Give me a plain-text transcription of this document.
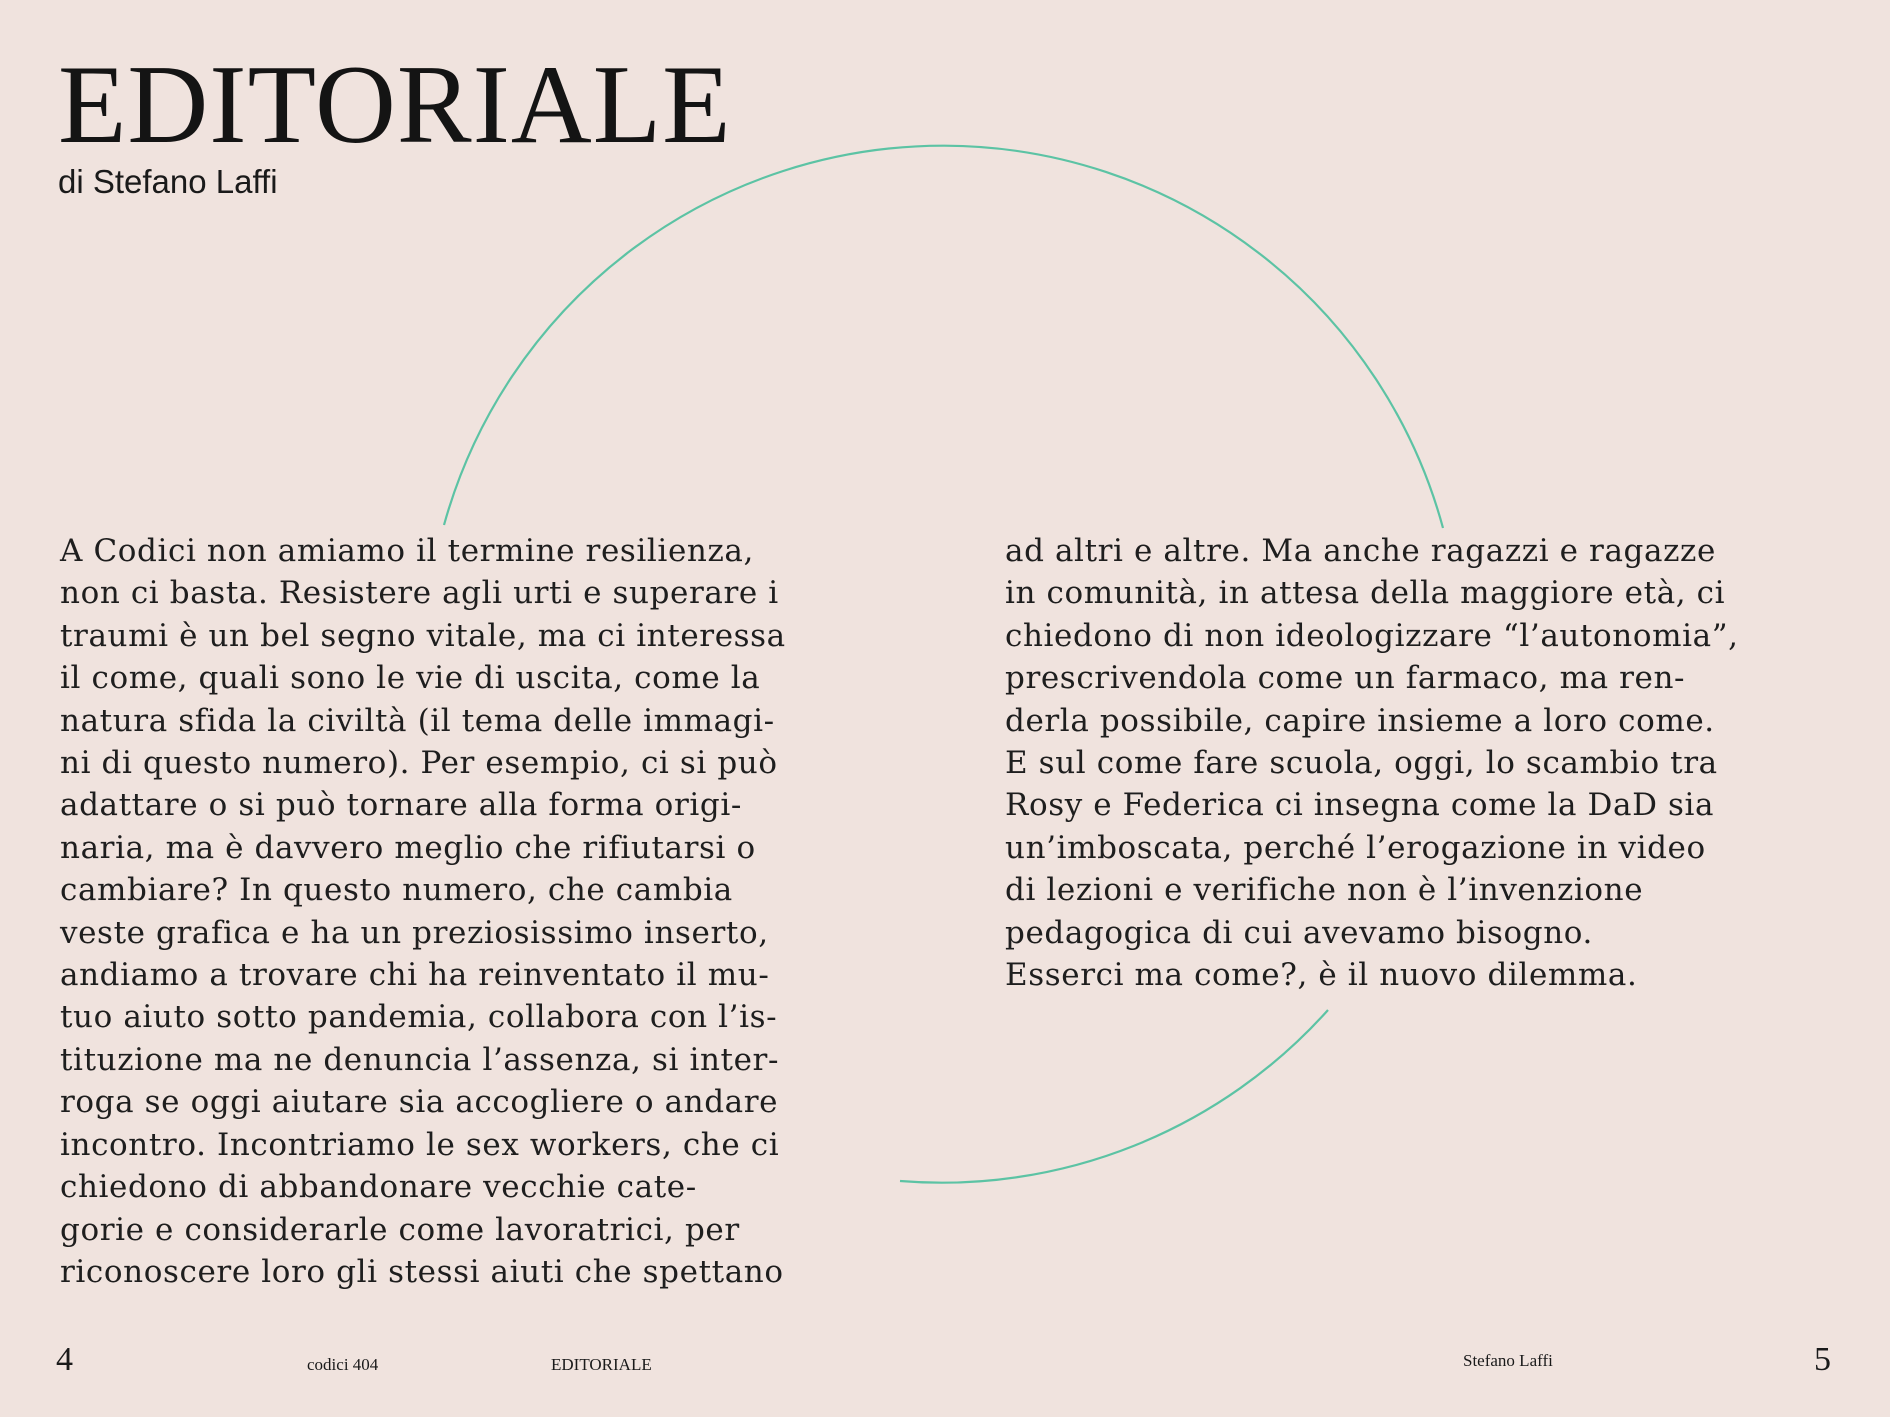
EDITORIALE
di Stefano Laffi
A Codici non amiamo il termine resilienza,
non ci basta. Resistere agli urti e superare i
traumi è un bel segno vitale, ma ci interessa
il come, quali sono le vie di uscita, come la
natura sfida la civiltà (il tema delle immagi-
ni di questo numero). Per esempio, ci si può
adattare o si può tornare alla forma origi-
naria, ma è davvero meglio che rifiutarsi o
cambiare? In questo numero, che cambia
veste grafica e ha un preziosissimo inserto,
andiamo a trovare chi ha reinventato il mu-
tuo aiuto sotto pandemia, collabora con l’is-
tituzione ma ne denuncia l’assenza, si inter-
roga se oggi aiutare sia accogliere o andare
incontro. Incontriamo le sex workers, che ci
chiedono di abbandonare vecchie cate-
gorie e considerarle come lavoratrici, per
riconoscere loro gli stessi aiuti che spettano
ad altri e altre. Ma anche ragazzi e ragazze
in comunità, in attesa della maggiore età, ci
chiedono di non ideologizzare “l’autonomia”,
prescrivendola come un farmaco, ma ren-
derla possibile, capire insieme a loro come.
E sul come fare scuola, oggi, lo scambio tra
Rosy e Federica ci insegna come la DaD sia
un’imboscata, perché l’erogazione in video
di lezioni e verifiche non è l’invenzione
pedagogica di cui avevamo bisogno.
Esserci ma come?, è il nuovo dilemma.
4	codici 404	EDITORIALE	Stefano Laffi	5
